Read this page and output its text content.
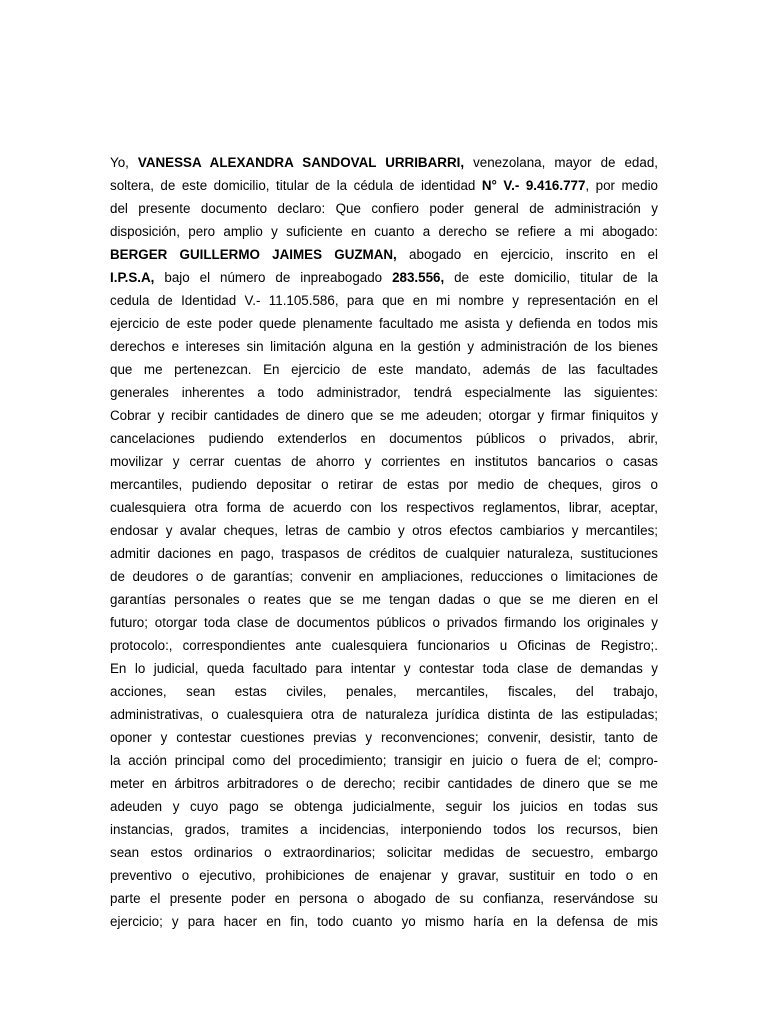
Yo, VANESSA ALEXANDRA SANDOVAL URRIBARRI, venezolana, mayor de edad,
soltera, de este domicilio, titular de la cédula de identidad N° V.- 9.416.777, por medio
del presente documento declaro: Que confiero poder general de administración y
disposición, pero amplio y suficiente en cuanto a derecho se refiere a mi abogado:
BERGER GUILLERMO JAIMES GUZMAN, abogado en ejercicio, inscrito en el
I.P.S.A, bajo el número de inpreabogado 283.556, de este domicilio, titular de la
cedula de Identidad V.- 11.105.586, para que en mi nombre y representación en el
ejercicio de este poder quede plenamente facultado me asista y defienda en todos mis
derechos e intereses sin limitación alguna en la gestión y administración de los bienes
que me pertenezcan. En ejercicio de este mandato, además de las facultades
generales inherentes a todo administrador, tendrá especialmente las siguientes:
Cobrar y recibir cantidades de dinero que se me adeuden; otorgar y firmar finiquitos y
cancelaciones pudiendo extenderlos en documentos públicos o privados, abrir,
movilizar y cerrar cuentas de ahorro y corrientes en institutos bancarios o casas
mercantiles, pudiendo depositar o retirar de estas por medio de cheques, giros o
cualesquiera otra forma de acuerdo con los respectivos reglamentos, librar, aceptar,
endosar y avalar cheques, letras de cambio y otros efectos cambiarios y mercantiles;
admitir daciones en pago, traspasos de créditos de cualquier naturaleza, sustituciones
de deudores o de garantías; convenir en ampliaciones, reducciones o limitaciones de
garantías personales o reates que se me tengan dadas o que se me dieren en el
futuro; otorgar toda clase de documentos públicos o privados firmando los originales y
protocolo:, correspondientes ante cualesquiera funcionarios u Oficinas de Registro;.
En lo judicial, queda facultado para intentar y contestar toda clase de demandas y
acciones, sean estas civiles, penales, mercantiles, fiscales, del trabajo,
administrativas, o cualesquiera otra de naturaleza jurídica distinta de las estipuladas;
oponer y contestar cuestiones previas y reconvenciones; convenir, desistir, tanto de
la acción principal como del procedimiento; transigir en juicio o fuera de el; compro-
meter en árbitros arbitradores o de derecho; recibir cantidades de dinero que se me
adeuden y cuyo pago se obtenga judicialmente, seguir los juicios en todas sus
instancias, grados, tramites a incidencias, interponiendo todos los recursos, bien
sean estos ordinarios o extraordinarios; solicitar medidas de secuestro, embargo
preventivo o ejecutivo, prohibiciones de enajenar y gravar, sustituir en todo o en
parte el presente poder en persona o abogado de su confianza, reservándose su
ejercicio; y para hacer en fin, todo cuanto yo mismo haría en la defensa de mis
